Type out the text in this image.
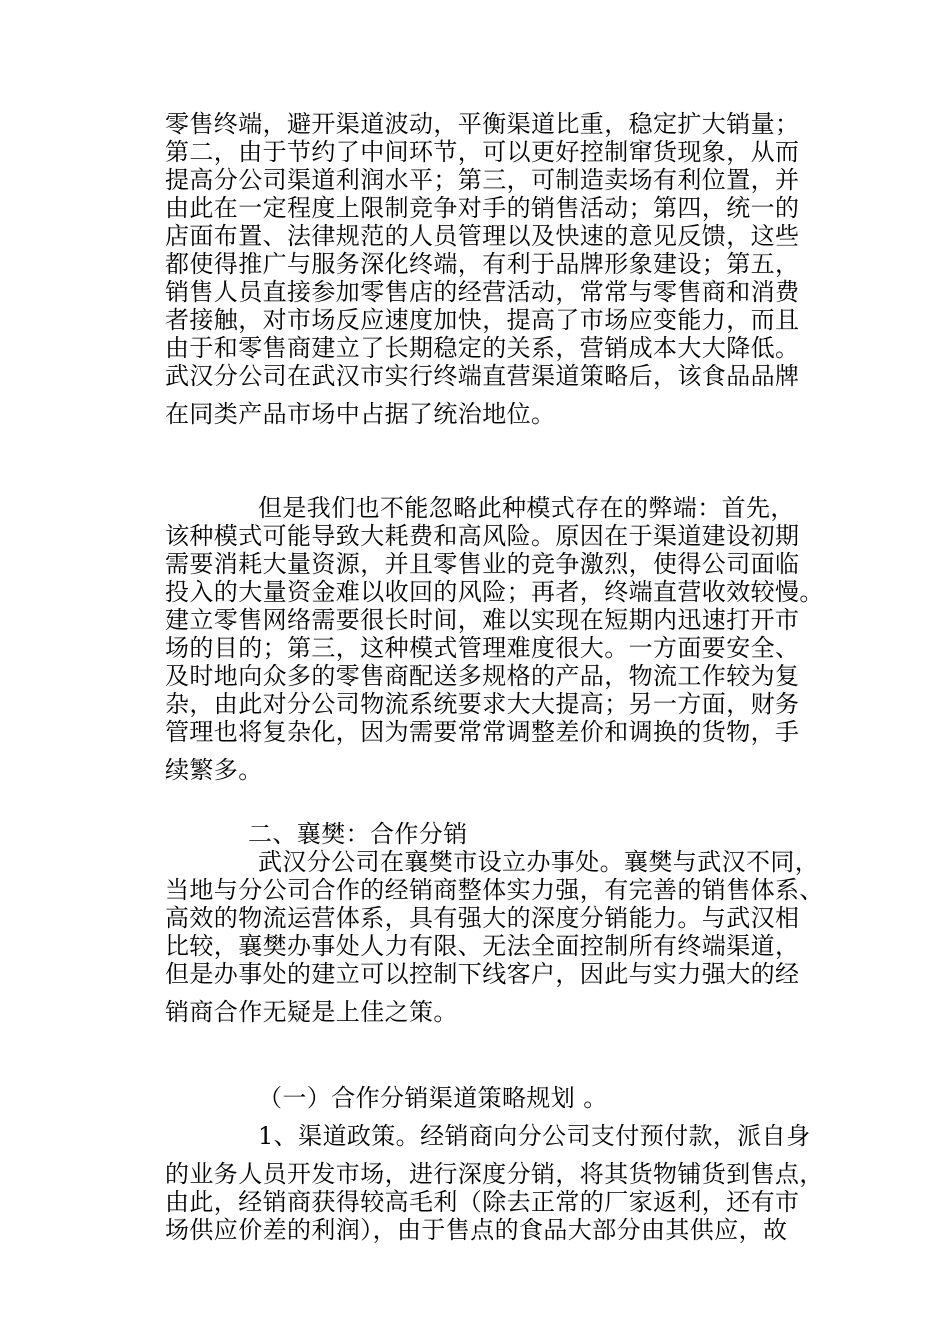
零售终端，避开渠道波动，平衡渠道比重，稳定扩大销量；
第二，由于节约了中间环节，可以更好控制窜货现象，从而
提高分公司渠道利润水平；第三，可制造卖场有利位置，并
由此在一定程度上限制竞争对手的销售活动；第四，统一的
店面布置、法律规范的人员管理以及快速的意见反馈，这些
都使得推广与服务深化终端，有利于品牌形象建设；第五，
销售人员直接参加零售店的经营活动，常常与零售商和消费
者接触，对市场反应速度加快，提高了市场应变能力，而且
由于和零售商建立了长期稳定的关系，营销成本大大降低。
武汉分公司在武汉市实行终端直营渠道策略后，该食品品牌
在同类产品市场中占据了统治地位。
但是我们也不能忽略此种模式存在的弊端：首先，
该种模式可能导致大耗费和高风险。原因在于渠道建设初期
需要消耗大量资源，并且零售业的竞争激烈，使得公司面临
投入的大量资金难以收回的风险；再者，终端直营收效较慢。
建立零售网络需要很长时间，难以实现在短期内迅速打开市
场的目的；第三，这种模式管理难度很大。一方面要安全、
及时地向众多的零售商配送多规格的产品，物流工作较为复
杂，由此对分公司物流系统要求大大提高；另一方面，财务
管理也将复杂化，因为需要常常调整差价和调换的货物，手
续繁多。
二、襄樊：合作分销
武汉分公司在襄樊市设立办事处。襄樊与武汉不同，
当地与分公司合作的经销商整体实力强，有完善的销售体系、
高效的物流运营体系，具有强大的深度分销能力。与武汉相
比较，襄樊办事处人力有限、无法全面控制所有终端渠道，
但是办事处的建立可以控制下线客户，因此与实力强大的经
销商合作无疑是上佳之策。
（一）合作分销渠道策略规划 。
1、渠道政策。经销商向分公司支付预付款，派自身
的业务人员开发市场，进行深度分销，将其货物铺货到售点，
由此，经销商获得较高毛利（除去正常的厂家返利，还有市
场供应价差的利润），由于售点的食品大部分由其供应，故
